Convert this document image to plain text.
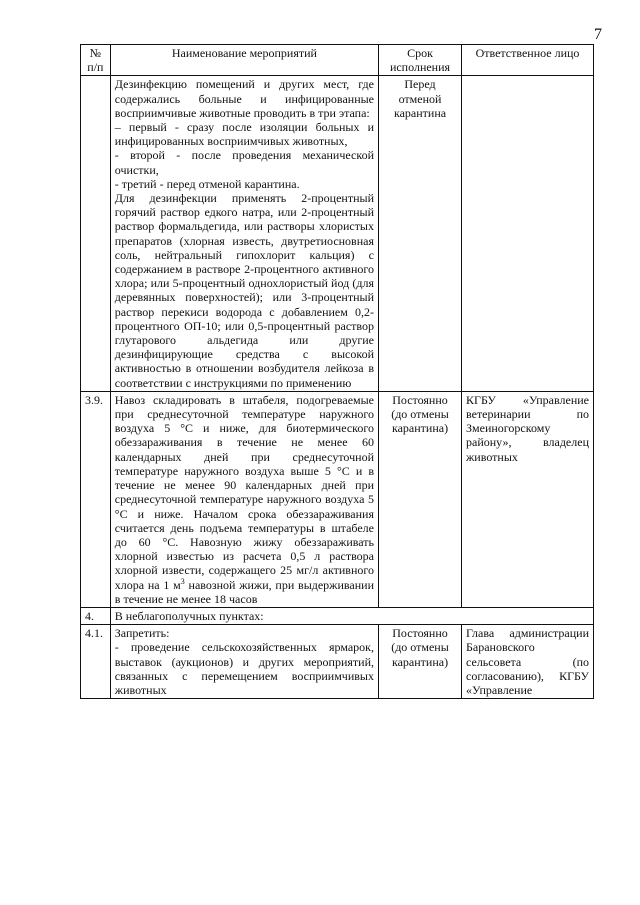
7
№ п/п	Наименование мероприятий	Срок исполнения	Ответственное лицо

	Дезинфекцию помещений и других мест, где содержались больные и инфицированные восприимчивые животные проводить в три этапа:

– первый - сразу после изоляции больных и инфицированных восприимчивых животных,

- второй - после проведения механической очистки,

- третий - перед отменой карантина.

Для дезинфекции применять 2-процентный горячий раствор едкого натра, или 2-процентный раствор формальдегида, или растворы хлористых препаратов (хлорная известь, двутретиосновная соль, нейтральный гипохлорит кальция) с содержанием в растворе 2-процентного активного хлора; или 5-процентный однохлористый йод (для деревянных поверхностей); или 3-процентный раствор перекиси водорода с добавлением 0,2-процентного ОП-10; или 0,5-процентный раствор глутарового альдегида или другие дезинфицирующие средства с высокой активностью в отношении возбудителя лейкоза в соответствии с инструкциями по применению	Перед отменой карантина	
3.9.	Навоз складировать в штабеля, подогреваемые при среднесуточной температуре наружного воздуха 5 °С и ниже, для биотермического обеззараживания в течение не менее 60 календарных дней при среднесуточной температуре наружного воздуха выше 5 °С и в течение не менее 90 календарных дней при среднесуточной температуре наружного воздуха 5 °С и ниже. Началом срока обеззараживания считается день подъема температуры в штабеле до 60 °С. Навозную жижу обеззараживать хлорной известью из расчета 0,5 л раствора хлорной извести, содержащего 25 мг/л активного хлора на 1 $м^3$ навозной жижи, при выдерживании в течение не менее 18 часов	Постоянно (до отмены карантина)	КГБУ «Управление ветеринарии по Змеиногорскому району», владелец животных
4.	В неблагополучных пунктах:		
4.1.	Запретить:

- проведение сельскохозяйственных ярмарок, выставок (аукционов) и других мероприятий, связанных с перемещением восприимчивых животных	Постоянно (до отмены карантина)	Глава администрации Барановского сельсовета (по согласованию), КГБУ «Управление
